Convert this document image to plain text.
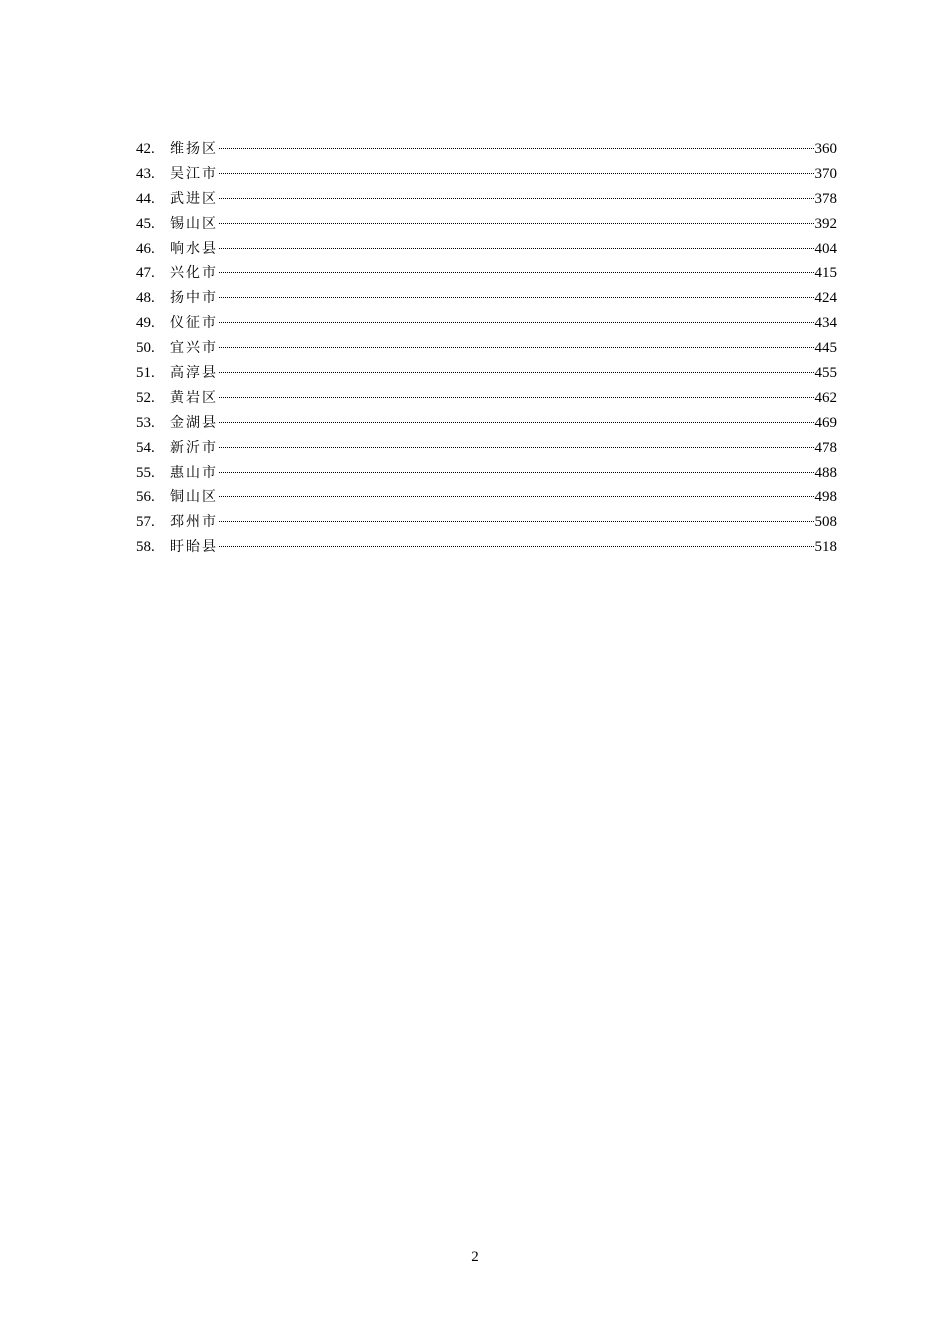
42.	维扬区	360
43.	吴江市	370
44.	武进区	378
45.	锡山区	392
46.	响水县	404
47.	兴化市	415
48.	扬中市	424
49.	仪征市	434
50.	宜兴市	445
51.	高淳县	455
52.	黄岩区	462
53.	金湖县	469
54.	新沂市	478
55.	惠山市	488
56.	铜山区	498
57.	邳州市	508
58.	盱眙县	518
2
